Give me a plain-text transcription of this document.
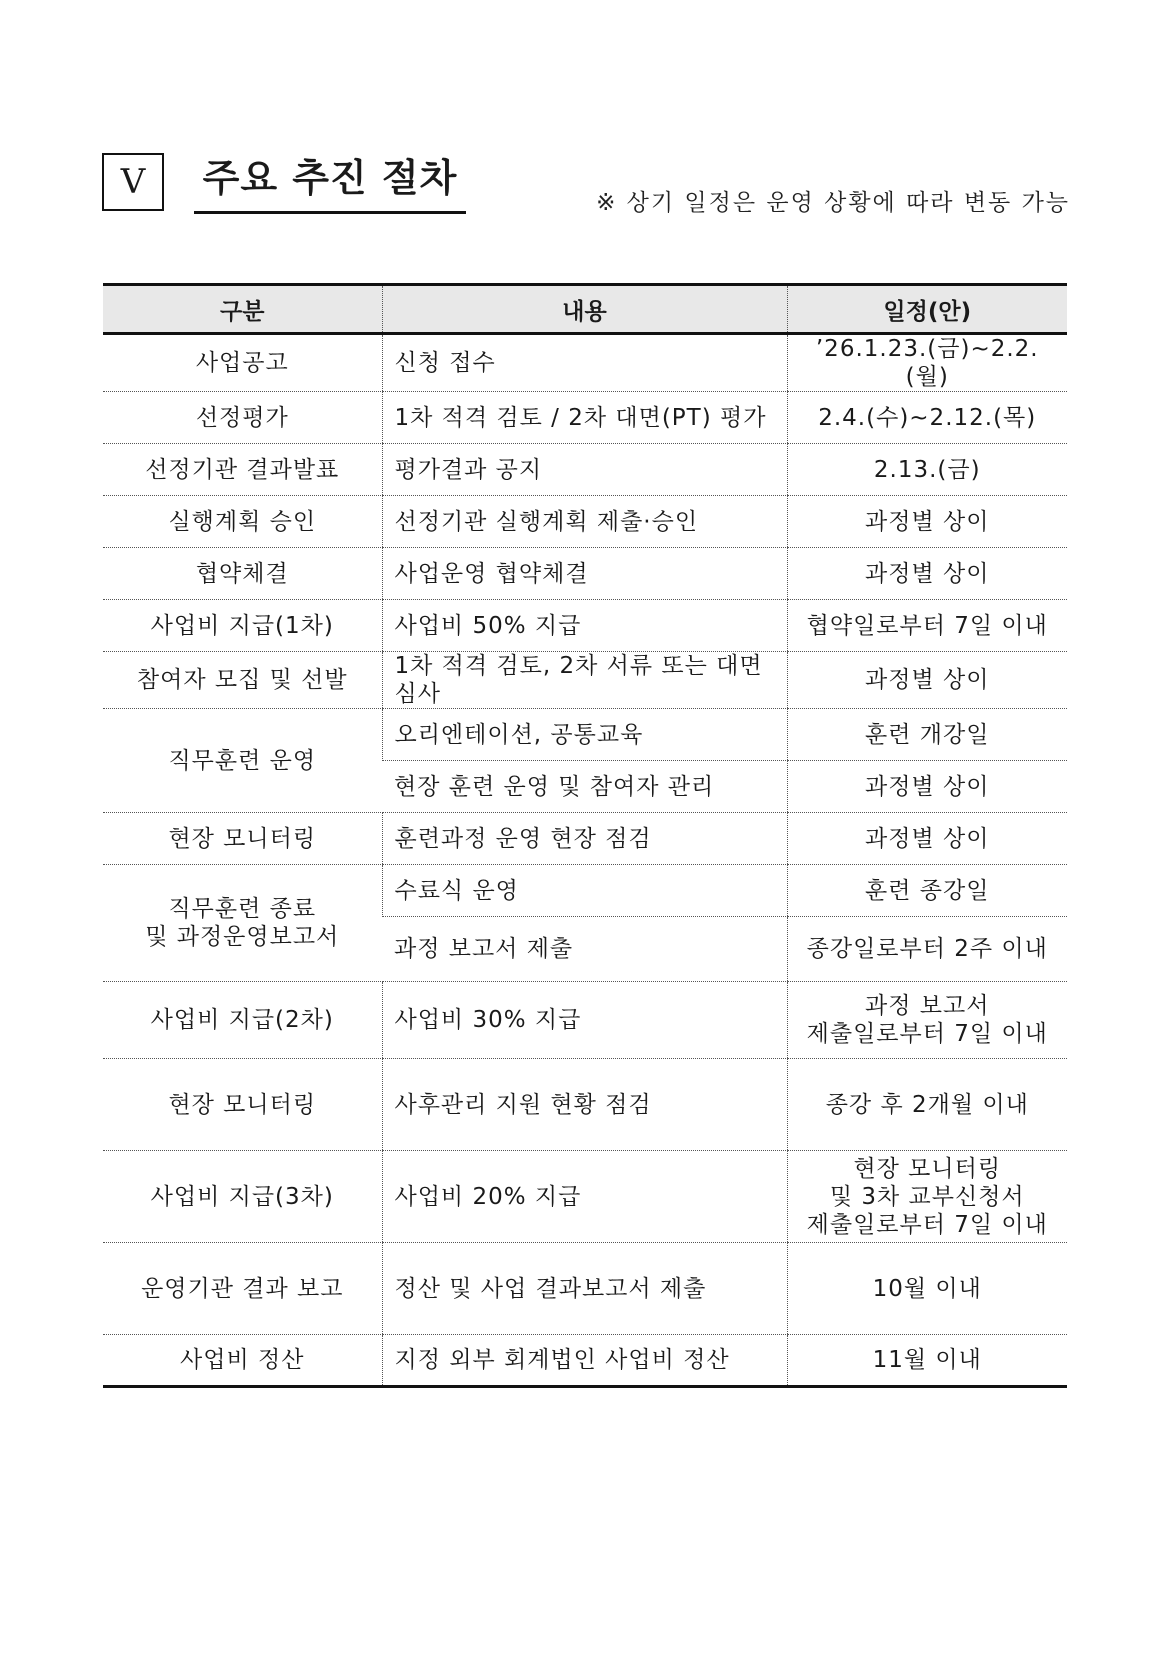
V	주요 추진 절차
※ 상기 일정은 운영 상황에 따라 변동 가능
구분	내용	일정(안)
사업공고	신청 접수	’26.1.23.(금)~2.2.(월)
선정평가	1차 적격 검토 / 2차 대면(PT) 평가	2.4.(수)~2.12.(목)
선정기관 결과발표	평가결과 공지	2.13.(금)
실행계획 승인	선정기관 실행계획 제출·승인	과정별 상이
협약체결	사업운영 협약체결	과정별 상이
사업비 지급(1차)	사업비 50% 지급	협약일로부터 7일 이내
참여자 모집 및 선발	1차 적격 검토, 2차 서류 또는 대면심사	과정별 상이
직무훈련 운영	오리엔테이션, 공통교육	훈련 개강일
	현장 훈련 운영 및 참여자 관리	과정별 상이
현장 모니터링	훈련과정 운영 현장 점검	과정별 상이
직무훈련 종료
및 과정운영보고서	수료식 운영	훈련 종강일
	과정 보고서 제출	종강일로부터 2주 이내
사업비 지급(2차)	사업비 30% 지급	과정 보고서
제출일로부터 7일 이내
현장 모니터링	사후관리 지원 현황 점검	종강 후 2개월 이내
사업비 지급(3차)	사업비 20% 지급	현장 모니터링
및 3차 교부신청서
제출일로부터 7일 이내
운영기관 결과 보고	정산 및 사업 결과보고서 제출	10월 이내
사업비 정산	지정 외부 회계법인 사업비 정산	11월 이내
